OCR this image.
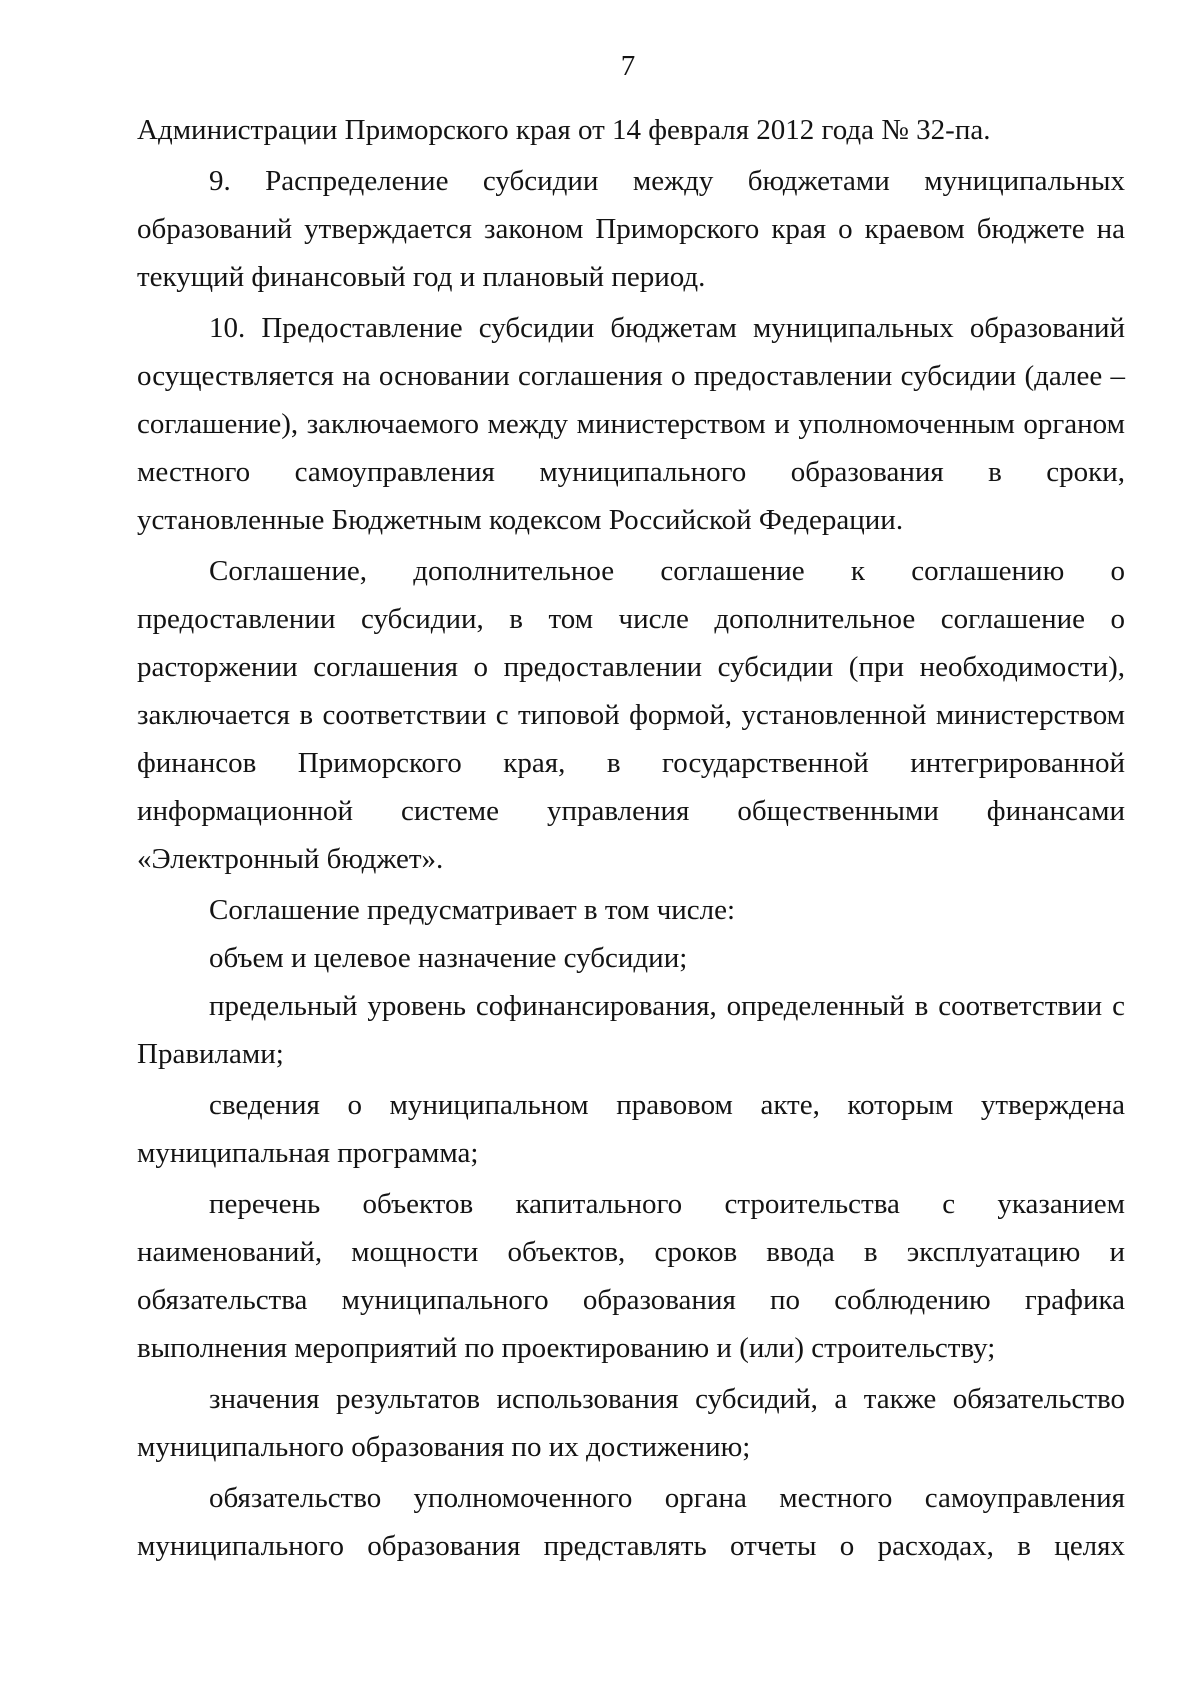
7

Администрации Приморского края от 14 февраля 2012 года № 32-па.

9. Распределение субсидии между бюджетами муниципальных образований утверждается законом Приморского края о краевом бюджете на текущий финансовый год и плановый период.

10. Предоставление субсидии бюджетам муниципальных образований осуществляется на основании соглашения о предоставлении субсидии (далее – соглашение), заключаемого между министерством и уполномоченным органом местного самоуправления муниципального образования в сроки, установленные Бюджетным кодексом Российской Федерации.

Соглашение, дополнительное соглашение к соглашению о предоставлении субсидии, в том числе дополнительное соглашение о расторжении соглашения о предоставлении субсидии (при необходимости), заключается в соответствии с типовой формой, установленной министерством финансов Приморского края, в государственной интегрированной информационной системе управления общественными финансами «Электронный бюджет».

Соглашение предусматривает в том числе:

объем и целевое назначение субсидии;

предельный уровень софинансирования, определенный в соответствии с Правилами;

сведения о муниципальном правовом акте, которым утверждена муниципальная программа;

перечень объектов капитального строительства с указанием наименований, мощности объектов, сроков ввода в эксплуатацию и обязательства муниципального образования по соблюдению графика выполнения мероприятий по проектированию и (или) строительству;

значения результатов использования субсидий, а также обязательство муниципального образования по их достижению;

обязательство уполномоченного органа местного самоуправления муниципального образования представлять отчеты о расходах, в целях
